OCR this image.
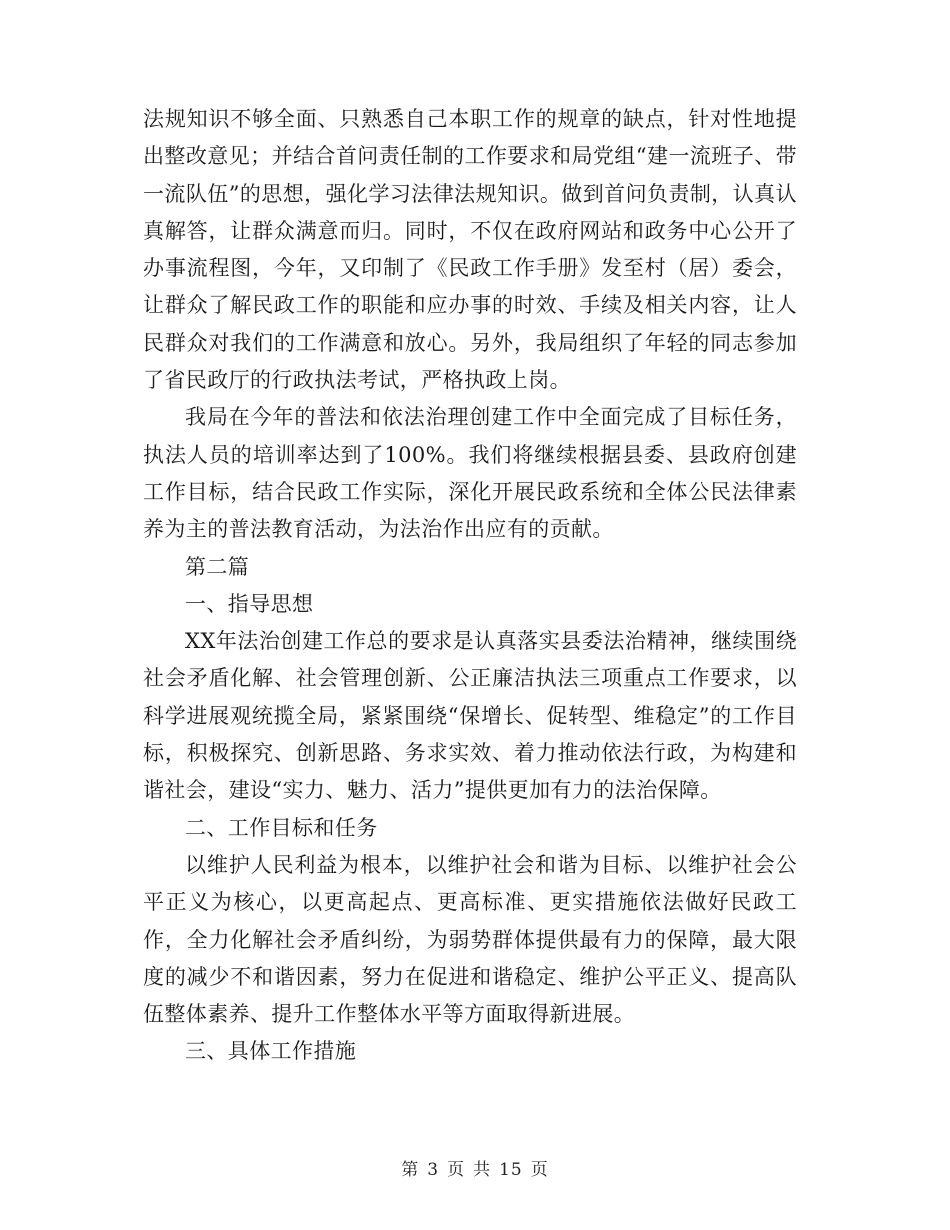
法规知识不够全面、只熟悉自己本职工作的规章的缺点，针对性地提出整改意见；并结合首问责任制的工作要求和局党组“建一流班子、带一流队伍”的思想，强化学习法律法规知识。做到首问负责制，认真认真解答，让群众满意而归。同时，不仅在政府网站和政务中心公开了办事流程图，今年，又印制了《民政工作手册》发至村（居）委会，让群众了解民政工作的职能和应办事的时效、手续及相关内容，让人民群众对我们的工作满意和放心。另外，我局组织了年轻的同志参加了省民政厅的行政执法考试，严格执政上岗。

我局在今年的普法和依法治理创建工作中全面完成了目标任务，执法人员的培训率达到了100%。我们将继续根据县委、县政府创建工作目标，结合民政工作实际，深化开展民政系统和全体公民法律素养为主的普法教育活动，为法治作出应有的贡献。

第二篇

一、指导思想

XX年法治创建工作总的要求是认真落实县委法治精神，继续围绕社会矛盾化解、社会管理创新、公正廉洁执法三项重点工作要求，以科学进展观统揽全局，紧紧围绕“保增长、促转型、维稳定”的工作目标，积极探究、创新思路、务求实效、着力推动依法行政，为构建和谐社会，建设“实力、魅力、活力”提供更加有力的法治保障。

二、工作目标和任务

以维护人民利益为根本，以维护社会和谐为目标、以维护社会公平正义为核心，以更高起点、更高标准、更实措施依法做好民政工作，全力化解社会矛盾纠纷，为弱势群体提供最有力的保障，最大限度的减少不和谐因素，努力在促进和谐稳定、维护公平正义、提高队伍整体素养、提升工作整体水平等方面取得新进展。

三、具体工作措施

第 3 页 共 15 页
